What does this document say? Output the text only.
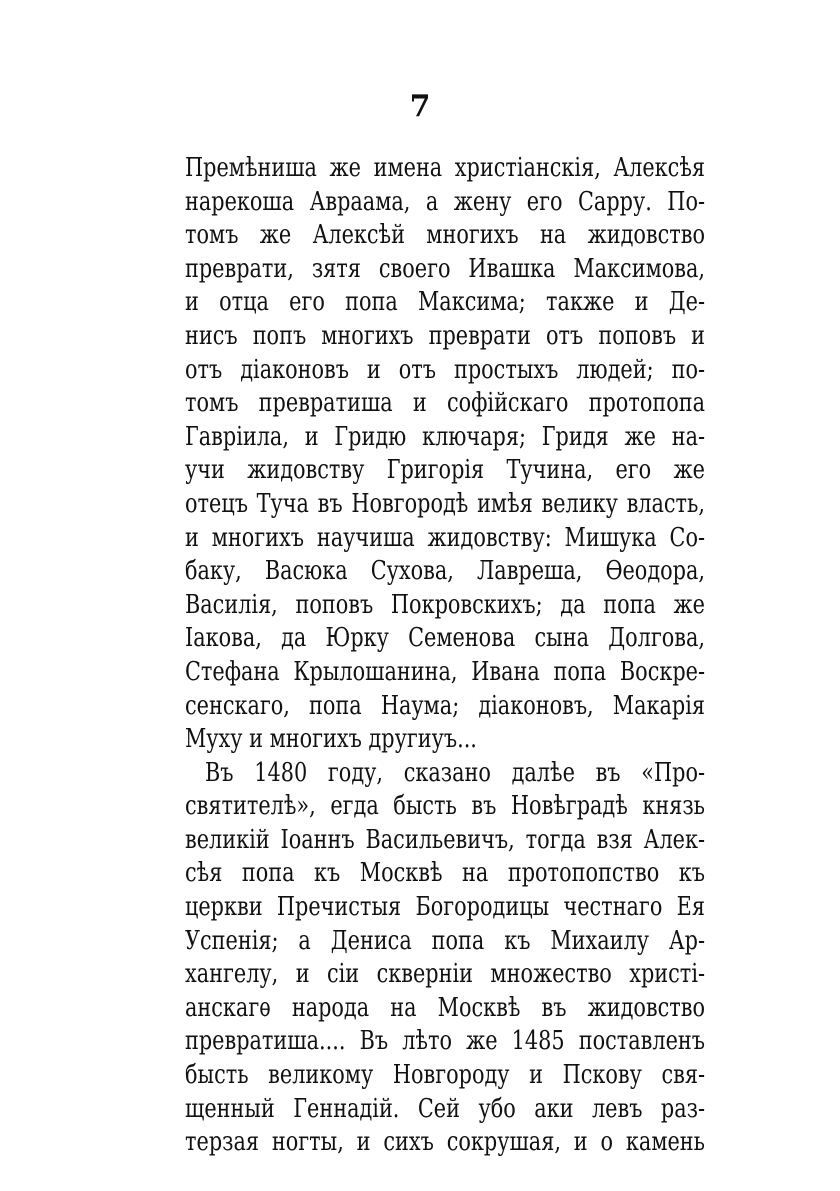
7
Премѣниша же имена христіанскія, Алексѣя
нарекоша Авраама, а жену его Сарру. По-
томъ же Алексѣй многихъ на жидовство
преврати, зятя своего Ивашка Максимова,
и отца его попа Максима; также и Де-
нисъ попъ многихъ преврати отъ поповъ и
отъ діаконовъ и отъ простыхъ людей; по-
томъ превратиша и софійскаго протопопа
Гавріила, и Гридю ключаря; Гридя же на-
учи жидовству Григорія Тучина, его же
отецъ Туча въ Новгородѣ имѣя велику власть,
и многихъ научиша жидовству: Мишука Со-
баку, Васюка Сухова, Лавреша, Ѳеодора,
Василія, поповъ Покровскихъ; да попа же
Іакова, да Юрку Семенова сына Долгова,
Стефана Крылошанина, Ивана попа Воскре-
сенскаго, попа Наума; діаконовъ, Макарія
Муху и многихъ другиуъ...
Въ 1480 году, сказано далѣе въ «Про-
святителѣ», егда бысть въ Новѣградѣ князь
великій Іоаннъ Васильевичъ, тогда взя Алек-
сѣя попа къ Москвѣ на протопопство къ
церкви Пречистыя Богородицы честнаго Ея
Успенія; а Дениса попа къ Михаилу Ар-
хангелу, и сіи скверніи множество христі-
анскагѳ народа на Москвѣ въ жидовство
превратиша.... Въ лѣто же 1485 поставленъ
бысть великому Новгороду и Пскову свя-
щенный Геннадій. Сей убо аки левъ раз-
терзая ногты, и сихъ сокрушая, и о камень
